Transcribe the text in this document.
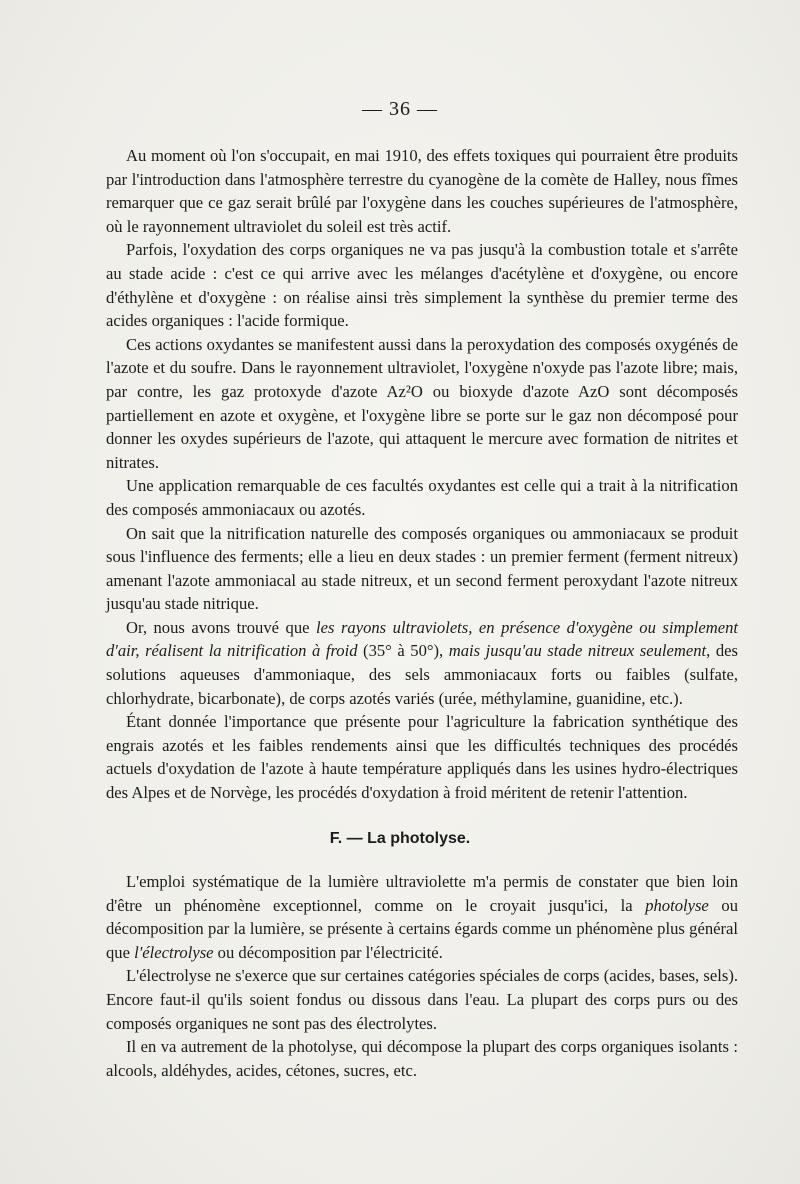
— 36 —

Au moment où l'on s'occupait, en mai 1910, des effets toxiques qui pourraient être produits par l'introduction dans l'atmosphère terrestre du cyanogène de la comète de Halley, nous fîmes remarquer que ce gaz serait brûlé par l'oxygène dans les couches supérieures de l'atmosphère, où le rayonnement ultraviolet du soleil est très actif.

Parfois, l'oxydation des corps organiques ne va pas jusqu'à la combustion totale et s'arrête au stade acide : c'est ce qui arrive avec les mélanges d'acétylène et d'oxygène, ou encore d'éthylène et d'oxygène : on réalise ainsi très simplement la synthèse du premier terme des acides organiques : l'acide formique.

Ces actions oxydantes se manifestent aussi dans la peroxydation des composés oxygénés de l'azote et du soufre. Dans le rayonnement ultraviolet, l'oxygène n'oxyde pas l'azote libre; mais, par contre, les gaz protoxyde d'azote Az²O ou bioxyde d'azote AzO sont décomposés partiellement en azote et oxygène, et l'oxygène libre se porte sur le gaz non décomposé pour donner les oxydes supérieurs de l'azote, qui attaquent le mercure avec formation de nitrites et nitrates.

Une application remarquable de ces facultés oxydantes est celle qui a trait à la nitrification des composés ammoniacaux ou azotés.

On sait que la nitrification naturelle des composés organiques ou ammoniacaux se produit sous l'influence des ferments; elle a lieu en deux stades : un premier ferment (ferment nitreux) amenant l'azote ammoniacal au stade nitreux, et un second ferment peroxydant l'azote nitreux jusqu'au stade nitrique.

Or, nous avons trouvé que les rayons ultraviolets, en présence d'oxygène ou simplement d'air, réalisent la nitrification à froid (35° à 50°), mais jusqu'au stade nitreux seulement, des solutions aqueuses d'ammoniaque, des sels ammoniacaux forts ou faibles (sulfate, chlorhydrate, bicarbonate), de corps azotés variés (urée, méthylamine, guanidine, etc.).

Étant donnée l'importance que présente pour l'agriculture la fabrication synthétique des engrais azotés et les faibles rendements ainsi que les difficultés techniques des procédés actuels d'oxydation de l'azote à haute température appliqués dans les usines hydro-électriques des Alpes et de Norvège, les procédés d'oxydation à froid méritent de retenir l'attention.

F. — La photolyse.

L'emploi systématique de la lumière ultraviolette m'a permis de constater que bien loin d'être un phénomène exceptionnel, comme on le croyait jusqu'ici, la photolyse ou décomposition par la lumière, se présente à certains égards comme un phénomène plus général que l'électrolyse ou décomposition par l'électricité.

L'électrolyse ne s'exerce que sur certaines catégories spéciales de corps (acides, bases, sels). Encore faut-il qu'ils soient fondus ou dissous dans l'eau. La plupart des corps purs ou des composés organiques ne sont pas des électrolytes.

Il en va autrement de la photolyse, qui décompose la plupart des corps organiques isolants : alcools, aldéhydes, acides, cétones, sucres, etc.
